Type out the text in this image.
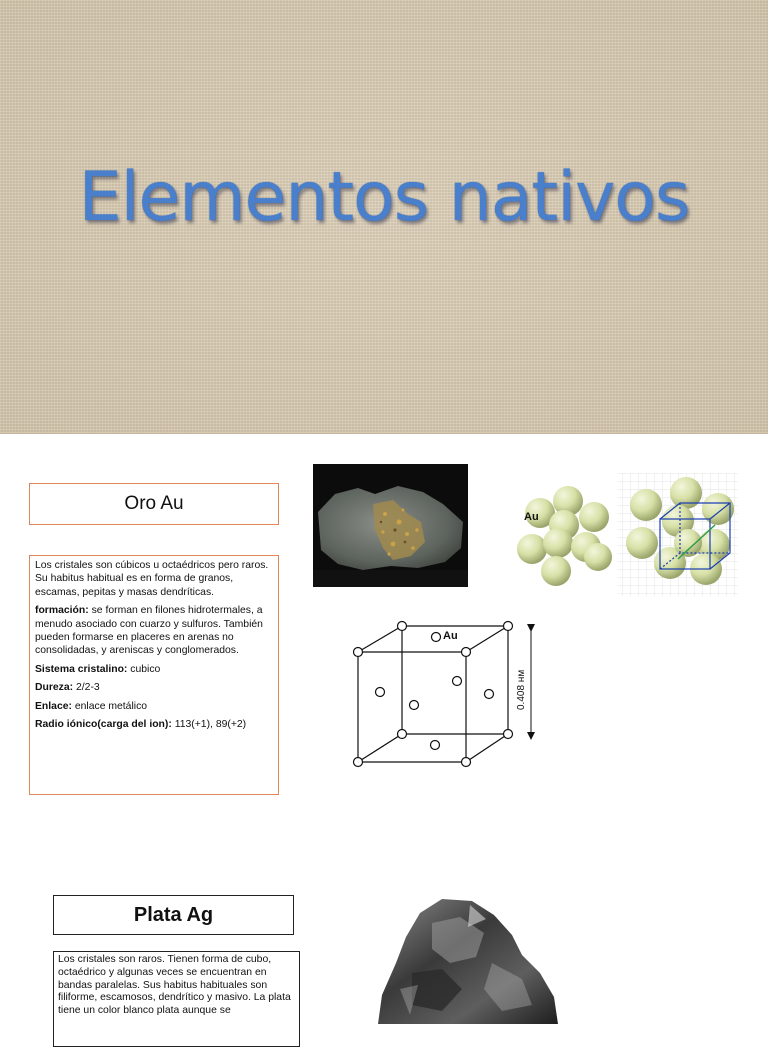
Elementos nativos
Oro Au

Los cristales son cúbicos u octaédricos pero raros. Su habitus habitual es en forma de granos, escamas, pepitas y masas dendríticas.

formación: se forman en filones hidrotermales, a menudo asociado con cuarzo y sulfuros. También pueden formarse en placeres en arenas no consolidadas, y areniscas y conglomerados.

Sistema cristalino: cubico

Dureza: 2/2-3

Enlace: enlace metálico

Radio iónico(carga del ion): 113(+1), 89(+2)

Au
Au
0.408 нм
Plata Ag
Los cristales son raros. Tienen forma de cubo, octaédrico y algunas veces se encuentran en bandas paralelas. Sus habitus habituales son filiforme, escamosos, dendrítico y masivo. La plata tiene un color blanco plata aunque se
